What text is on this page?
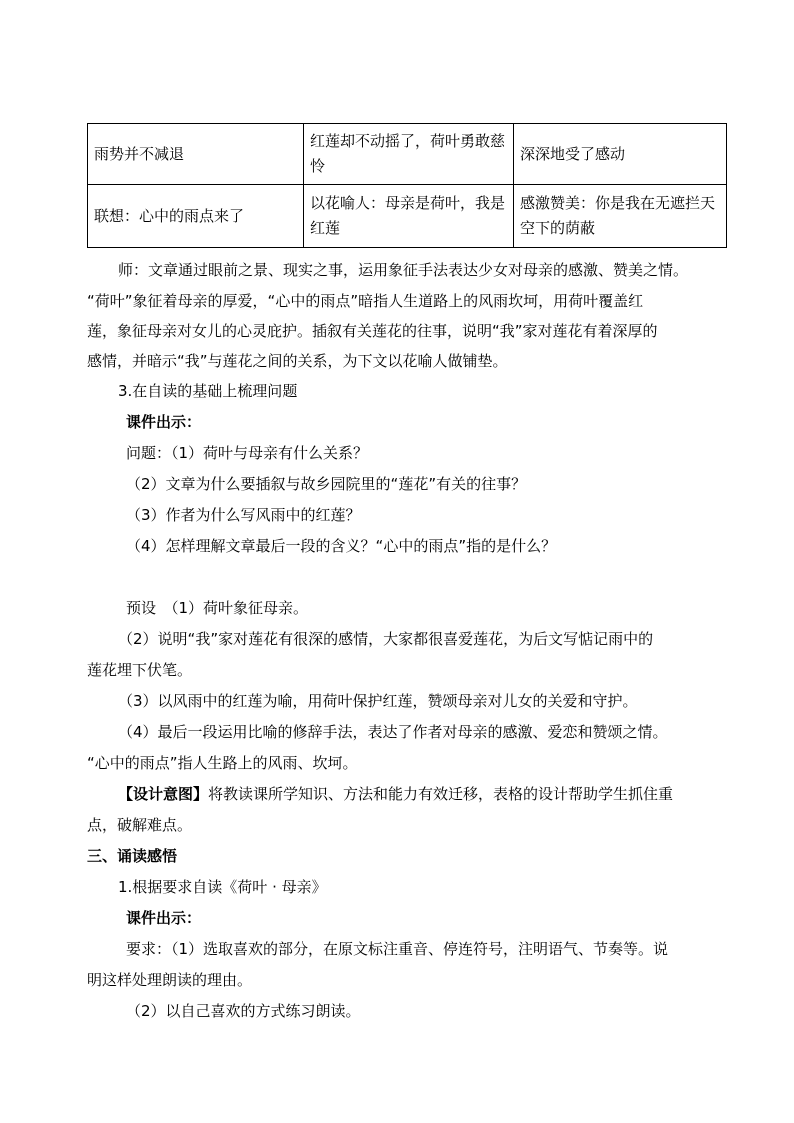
雨势并不减退	红莲却不动摇了，荷叶勇敢慈怜	深深地受了感动
联想：心中的雨点来了	以花喻人：母亲是荷叶，我是红莲	感激赞美：你是我在无遮拦天空下的荫蔽
师：文章通过眼前之景、现实之事，运用象征手法表达少女对母亲的感激、赞美之情。
“荷叶”象征着母亲的厚爱，“心中的雨点”暗指人生道路上的风雨坎坷，用荷叶覆盖红
莲，象征母亲对女儿的心灵庇护。插叙有关莲花的往事，说明“我”家对莲花有着深厚的
感情，并暗示“我”与莲花之间的关系，为下文以花喻人做铺垫。
3.在自读的基础上梳理问题
课件出示：
问题：（1）荷叶与母亲有什么关系？
（2）文章为什么要插叙与故乡园院里的“莲花”有关的往事？
（3）作者为什么写风雨中的红莲？
（4）怎样理解文章最后一段的含义？“心中的雨点”指的是什么？
预设　（1）荷叶象征母亲。
（2）说明“我”家对莲花有很深的感情，大家都很喜爱莲花，为后文写惦记雨中的
莲花埋下伏笔。
（3）以风雨中的红莲为喻，用荷叶保护红莲，赞颂母亲对儿女的关爱和守护。
（4）最后一段运用比喻的修辞手法，表达了作者对母亲的感激、爱恋和赞颂之情。
“心中的雨点”指人生路上的风雨、坎坷。
【设计意图】将教读课所学知识、方法和能力有效迁移，表格的设计帮助学生抓住重
点，破解难点。
三、诵读感悟
1.根据要求自读《荷叶 · 母亲》
课件出示：
要求：（1）选取喜欢的部分，在原文标注重音、停连符号，注明语气、节奏等。说
明这样处理朗读的理由。
（2）以自己喜欢的方式练习朗读。
